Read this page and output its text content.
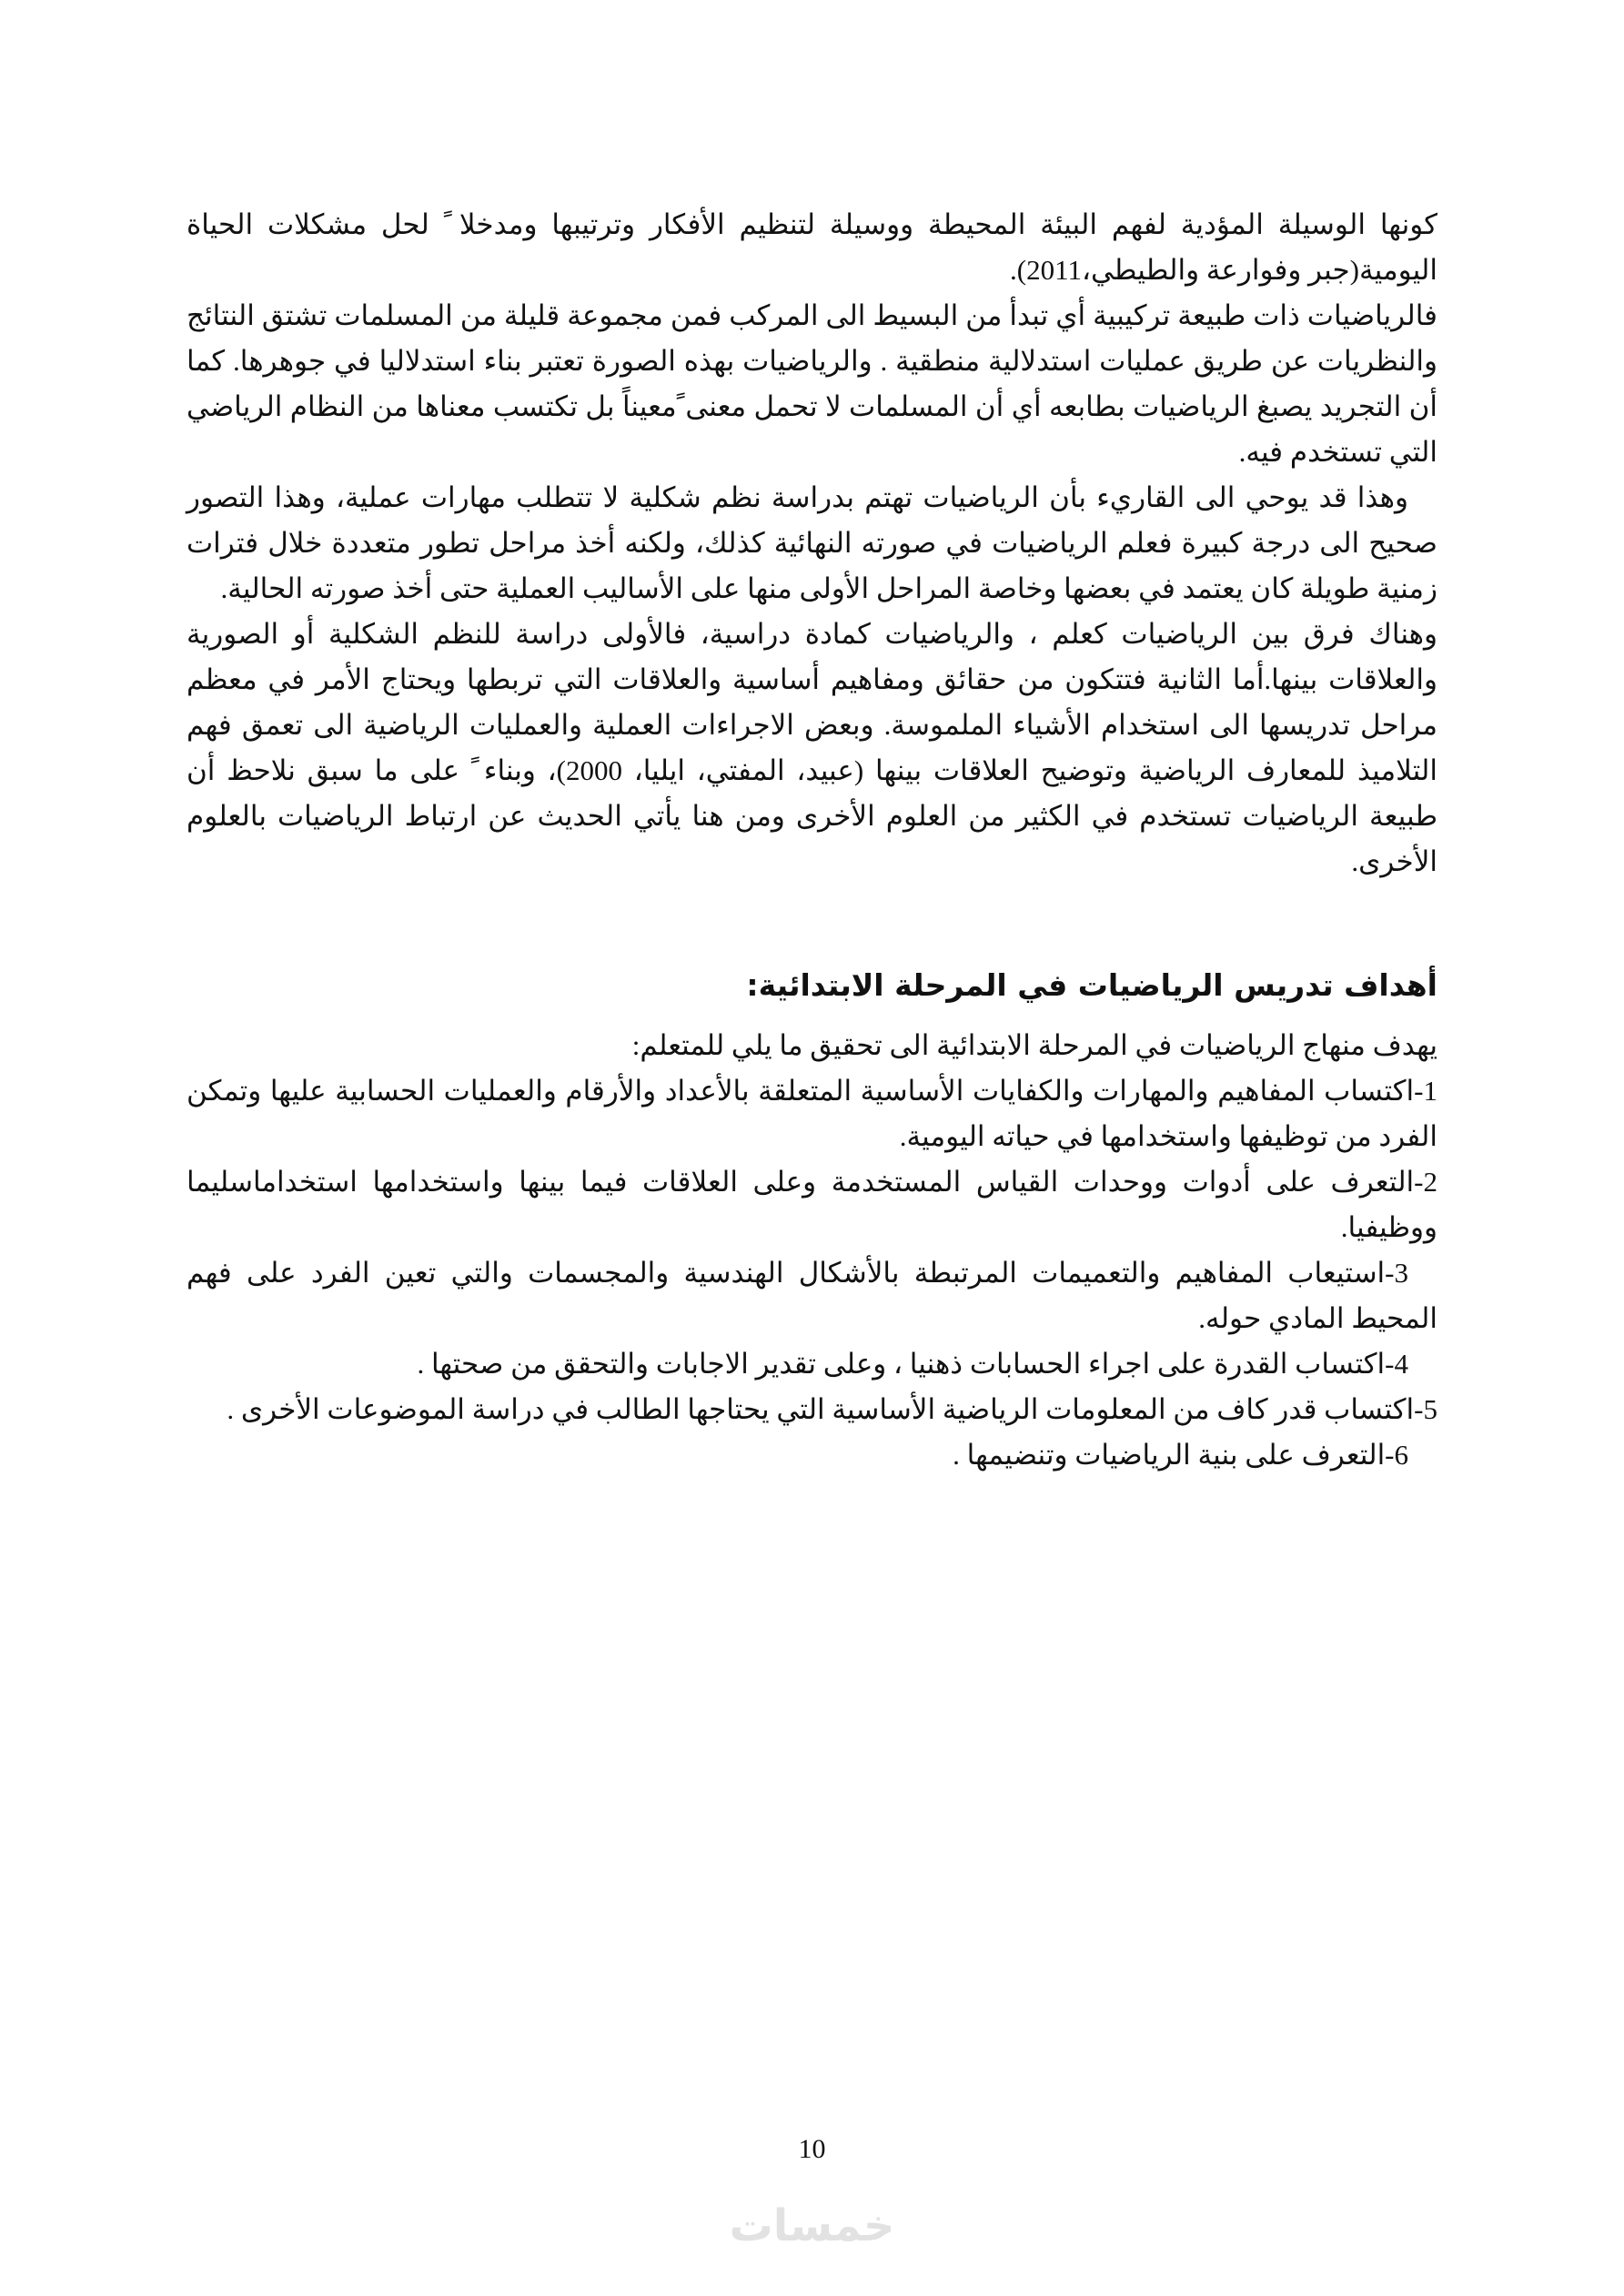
كونها الوسيلة المؤدية لفهم البيئة المحيطة ووسيلة لتنظيم الأفكار وترتيبها ومدخلا ً لحل مشكلات الحياة اليومية(جبر وفوارعة والطيطي،2011).

فالرياضيات ذات طبيعة تركيبية أي تبدأ من البسيط الى المركب فمن مجموعة قليلة من المسلمات تشتق النتائج والنظريات عن طريق عمليات استدلالية منطقية . والرياضيات بهذه الصورة تعتبر بناء استدلاليا في جوهرها. كما أن التجريد يصبغ الرياضيات بطابعه أي أن المسلمات لا تحمل معنى ًمعيناً بل تكتسب معناها من النظام الرياضي التي تستخدم فيه.

وهذا قد يوحي الى القاريء بأن الرياضيات تهتم بدراسة نظم شكلية لا تتطلب مهارات عملية، وهذا التصور صحيح الى درجة كبيرة فعلم الرياضيات في صورته النهائية كذلك، ولكنه أخذ مراحل تطور متعددة خلال فترات زمنية طويلة كان يعتمد في بعضها وخاصة المراحل الأولى منها على الأساليب العملية حتى أخذ صورته الحالية.

وهناك فرق بين الرياضيات كعلم ، والرياضيات كمادة دراسية، فالأولى دراسة للنظم الشكلية أو الصورية والعلاقات بينها.أما الثانية فتتكون من حقائق ومفاهيم أساسية والعلاقات التي تربطها ويحتاج الأمر في معظم مراحل تدريسها الى استخدام الأشياء الملموسة. وبعض الاجراءات العملية والعمليات الرياضية الى تعمق فهم التلاميذ للمعارف الرياضية وتوضيح العلاقات بينها (عبيد، المفتي، ايليا، 2000)، وبناء ً على ما سبق نلاحظ أن طبيعة الرياضيات تستخدم في الكثير من العلوم الأخرى ومن هنا يأتي الحديث عن ارتباط الرياضيات بالعلوم الأخرى.

أهداف تدريس الرياضيات في المرحلة الابتدائية:

يهدف منهاج الرياضيات في المرحلة الابتدائية الى تحقيق ما يلي للمتعلم:

1-اكتساب المفاهيم والمهارات والكفايات الأساسية المتعلقة بالأعداد والأرقام والعمليات الحسابية عليها وتمكن الفرد من توظيفها واستخدامها في حياته اليومية.

2-التعرف على أدوات ووحدات القياس المستخدمة وعلى العلاقات فيما بينها واستخدامها استخداماسليما ووظيفيا.

3-استيعاب المفاهيم والتعميمات المرتبطة بالأشكال الهندسية والمجسمات والتي تعين الفرد على فهم المحيط المادي حوله.

4-اكتساب القدرة على اجراء الحسابات ذهنيا ، وعلى تقدير الاجابات والتحقق من صحتها .

5-اكتساب قدر كاف من المعلومات الرياضية الأساسية التي يحتاجها الطالب في دراسة الموضوعات الأخرى .

6-التعرف على بنية الرياضيات وتنضيمها .

10
خمسات
